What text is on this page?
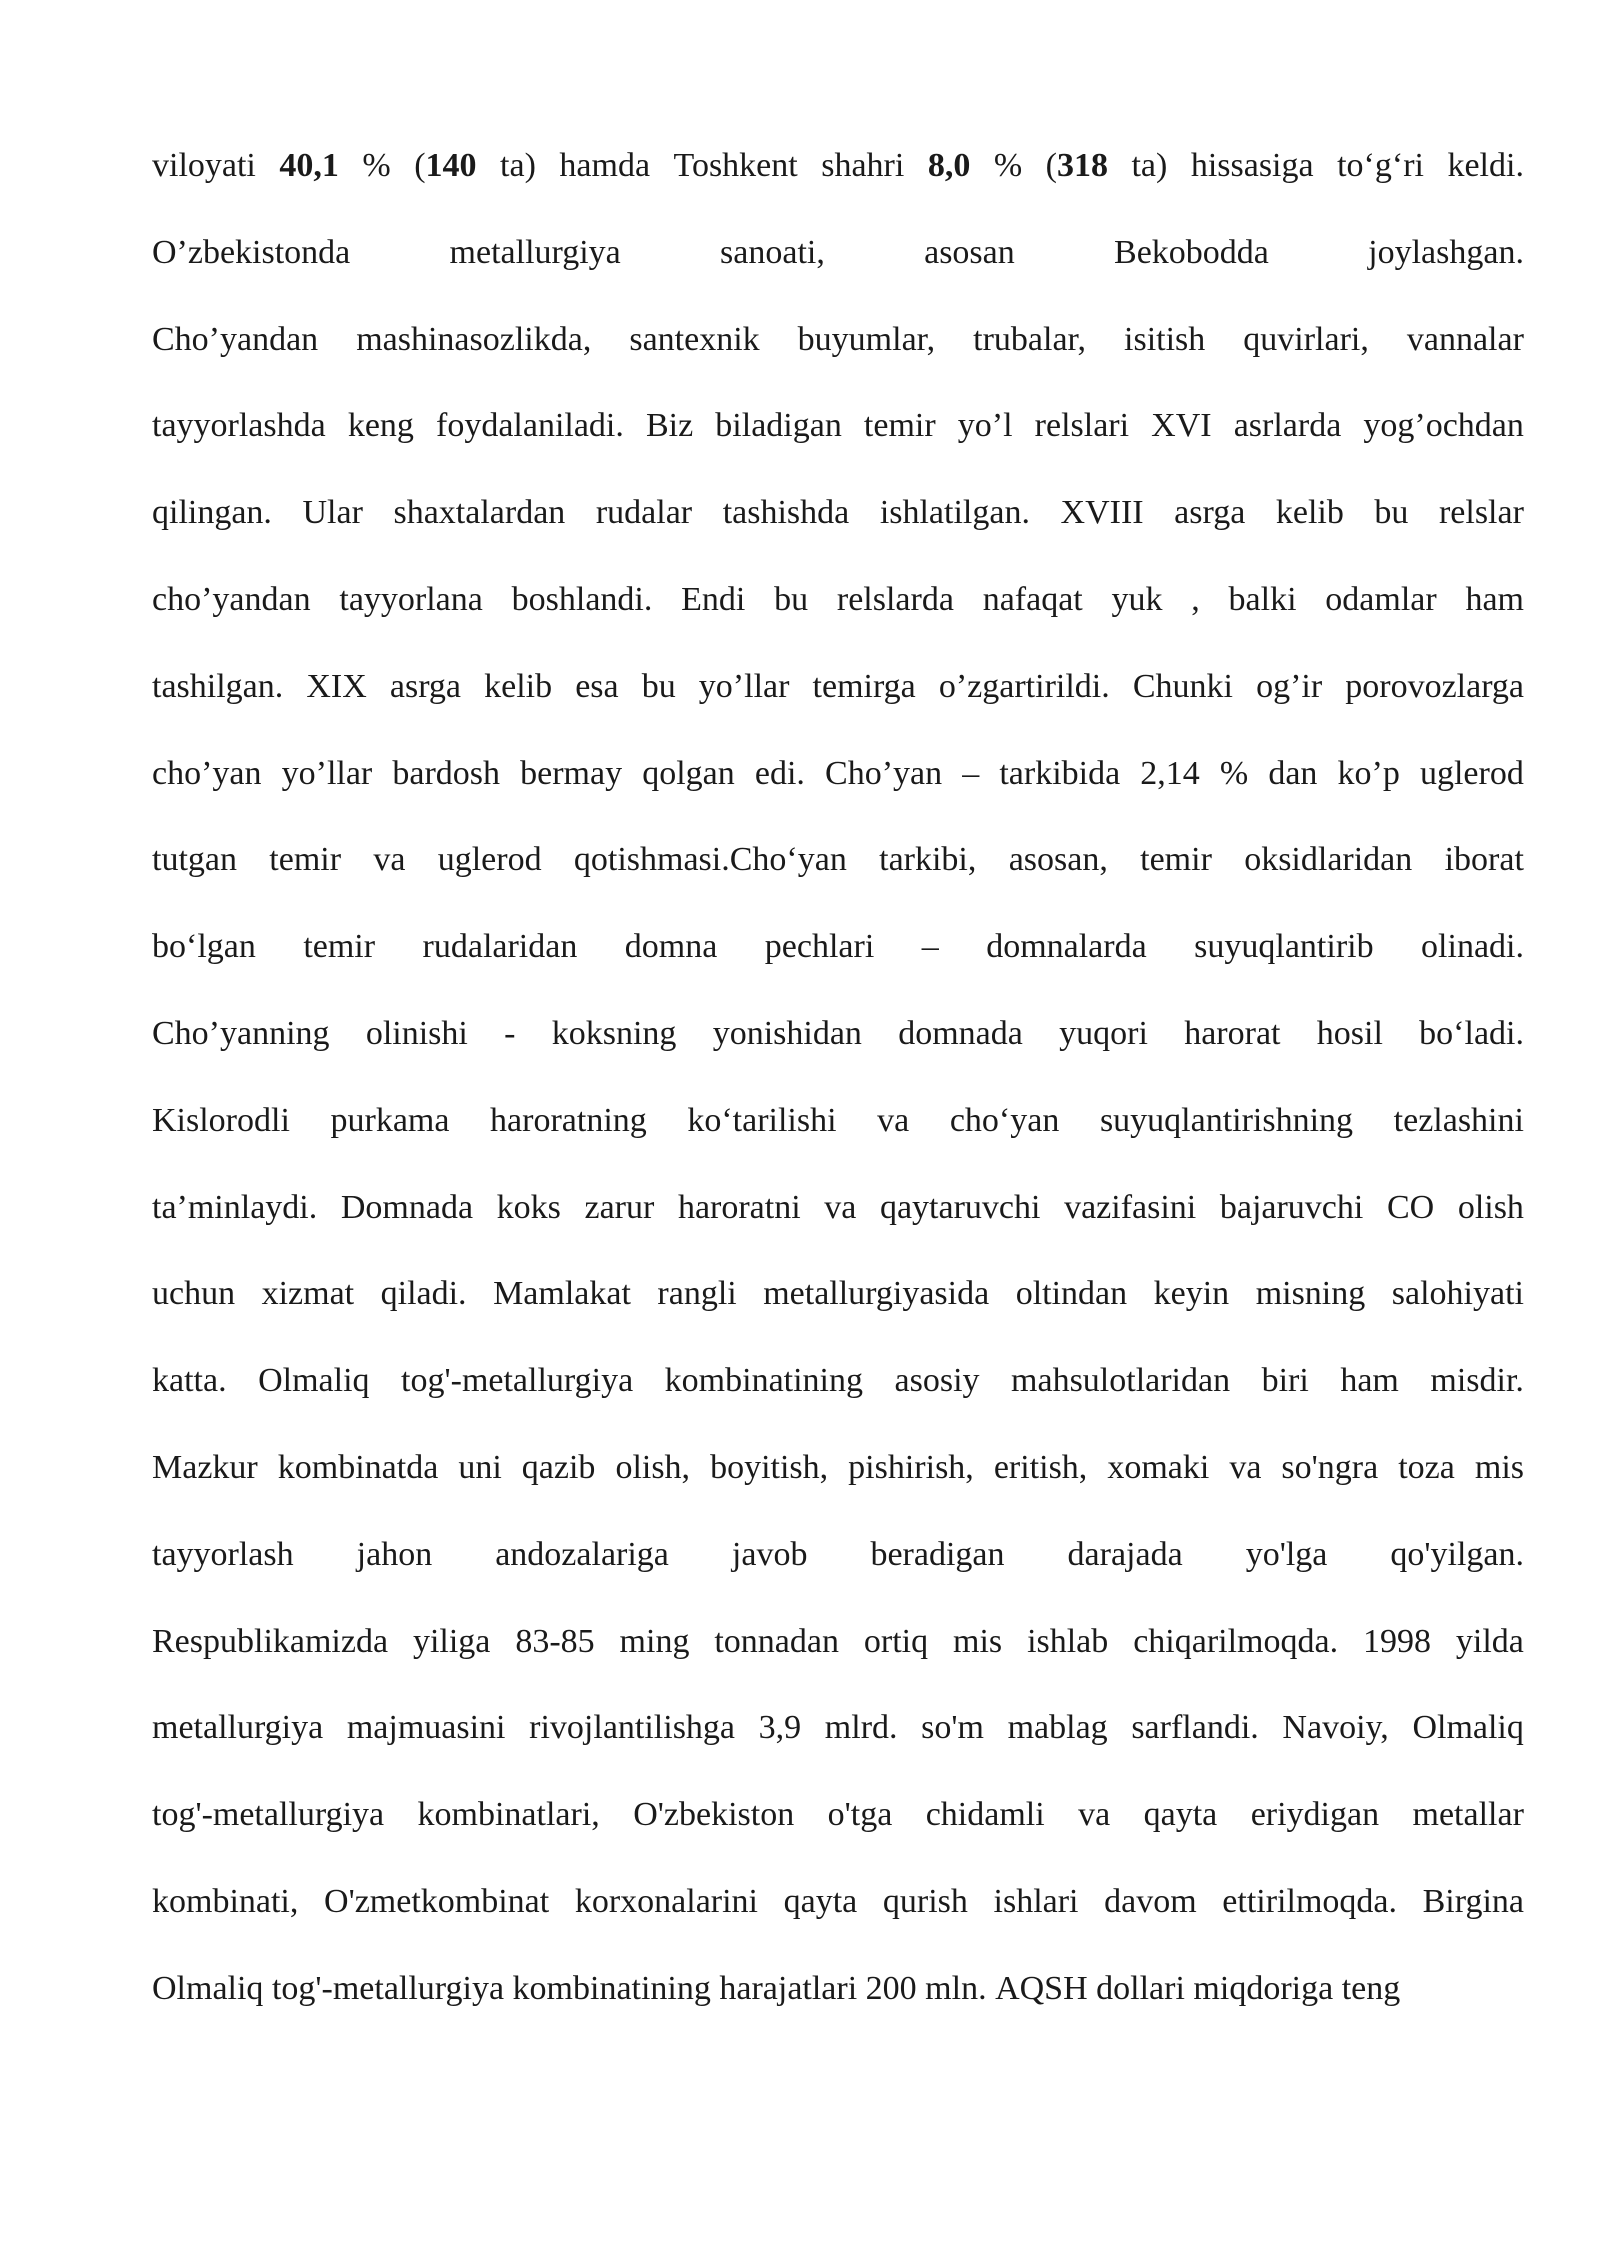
viloyati 40,1 % (140 ta) hamda Toshkent shahri 8,0 % (318 ta) hissasiga to‘g‘ri keldi.
O’zbekistonda	metallurgiya	sanoati,	asosan	Bekobodda	joylashgan.
Cho’yandan mashinasozlikda, santexnik buyumlar, trubalar, isitish quvirlari, vannalar
tayyorlashda keng foydalaniladi. Biz biladigan temir yo’l relslari XVI asrlarda yog’ochdan
qilingan. Ular shaxtalardan rudalar tashishda ishlatilgan. XVIII asrga kelib bu relslar
cho’yandan tayyorlana boshlandi. Endi bu relslarda nafaqat yuk , balki odamlar ham
tashilgan. XIX asrga kelib esa bu yo’llar temirga o’zgartirildi. Chunki og’ir porovozlarga
cho’yan yo’llar bardosh bermay qolgan edi. Cho’yan – tarkibida 2,14 % dan ko’p uglerod
tutgan temir va uglerod qotishmasi.Cho‘yan tarkibi, asosan, temir oksidlaridan iborat
bo‘lgan temir rudalaridan domna pechlari – domnalarda suyuqlantirib olinadi.
Cho’yanning olinishi - koksning yonishidan domnada yuqori harorat hosil bo‘ladi.
Kislorodli purkama haroratning ko‘tarilishi va cho‘yan suyuqlantirishning tezlashini
ta’minlaydi. Domnada koks zarur haroratni va qaytaruvchi vazifasini bajaruvchi CO olish
uchun xizmat qiladi. Mamlakat rangli metallurgiyasida oltindan keyin misning salohiyati
katta. Olmaliq tog'-metallurgiya kombinatining asosiy mahsulotlaridan biri ham misdir.
Mazkur kombinatda uni qazib olish, boyitish, pishirish, eritish, xomaki va so'ngra toza mis
tayyorlash jahon andozalariga javob beradigan darajada yo'lga qo'yilgan.
Respublikamizda yiliga 83-85 ming tonnadan ortiq mis ishlab chiqarilmoqda. 1998 yilda
metallurgiya majmuasini rivojlantilishga 3,9 mlrd. so'm mablag sarflandi. Navoiy, Olmaliq
tog'-metallurgiya kombinatlari, O'zbekiston o'tga chidamli va qayta eriydigan metallar
kombinati, O'zmetkombinat korxonalarini qayta qurish ishlari davom ettirilmoqda. Birgina
Olmaliq tog'-metallurgiya kombinatining harajatlari 200 mln. AQSH dollari miqdoriga teng
